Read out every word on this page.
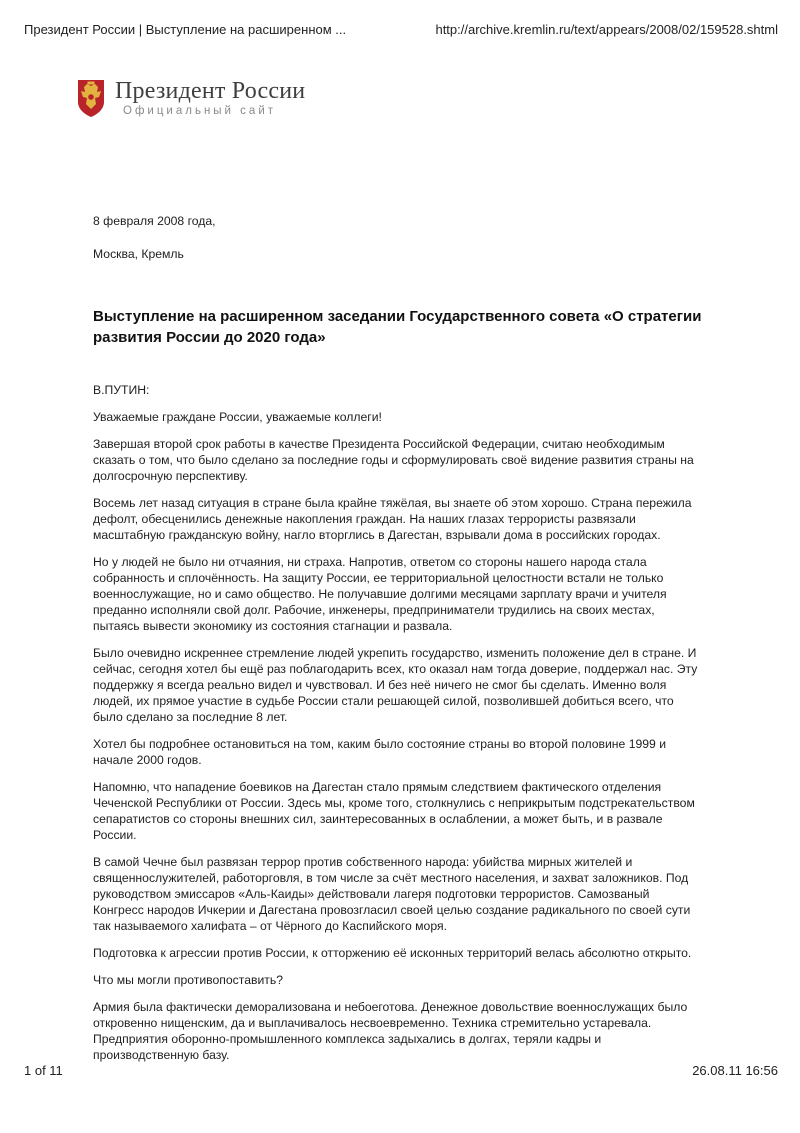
Президент России | Выступление на расширенном ...	http://archive.kremlin.ru/text/appears/2008/02/159528.shtml
Президент России
Официальный сайт

8 февраля 2008 года,

Москва, Кремль

Выступление на расширенном заседании Государственного совета «О стратегии развития России до 2020 года»

В.ПУТИН:

Уважаемые граждане России, уважаемые коллеги!

Завершая второй срок работы в качестве Президента Российской Федерации, считаю необходимым сказать о том, что было сделано за последние годы и сформулировать своё видение развития страны на долгосрочную перспективу.

Восемь лет назад ситуация в стране была крайне тяжёлая, вы знаете об этом хорошо. Страна пережила дефолт, обесценились денежные накопления граждан. На наших глазах террористы развязали масштабную гражданскую войну, нагло вторглись в Дагестан, взрывали дома в российских городах.

Но у людей не было ни отчаяния, ни страха. Напротив, ответом со стороны нашего народа стала собранность и сплочённость. На защиту России, ее территориальной целостности встали не только военнослужащие, но и само общество. Не получавшие долгими месяцами зарплату врачи и учителя преданно исполняли свой долг. Рабочие, инженеры, предприниматели трудились на своих местах, пытаясь вывести экономику из состояния стагнации и развала.

Было очевидно искреннее стремление людей укрепить государство, изменить положение дел в стране. И сейчас, сегодня хотел бы ещё раз поблагодарить всех, кто оказал нам тогда доверие, поддержал нас. Эту поддержку я всегда реально видел и чувствовал. И без неё ничего не смог бы сделать. Именно воля людей, их прямое участие в судьбе России стали решающей силой, позволившей добиться всего, что было сделано за последние 8 лет.

Хотел бы подробнее остановиться на том, каким было состояние страны во второй половине 1999 и начале 2000 годов.

Напомню, что нападение боевиков на Дагестан стало прямым следствием фактического отделения Чеченской Республики от России. Здесь мы, кроме того, столкнулись с неприкрытым подстрекательством сепаратистов со стороны внешних сил, заинтересованных в ослаблении, а может быть, и в развале России.

В самой Чечне был развязан террор против собственного народа: убийства мирных жителей и священнослужителей, работорговля, в том числе за счёт местного населения, и захват заложников. Под руководством эмиссаров «Аль-Каиды» действовали лагеря подготовки террористов. Самозваный Конгресс народов Ичкерии и Дагестана провозгласил своей целью создание радикального по своей сути так называемого халифата – от Чёрного до Каспийского моря.

Подготовка к агрессии против России, к отторжению её исконных территорий велась абсолютно открыто.

Что мы могли противопоставить?

Армия была фактически деморализована и небоеготова. Денежное довольствие военнослужащих было откровенно нищенским, да и выплачивалось несвоевременно. Техника стремительно устаревала. Предприятия оборонно-промышленного комплекса задыхались в долгах, теряли кадры и производственную базу.

1 of 11	26.08.11 16:56
